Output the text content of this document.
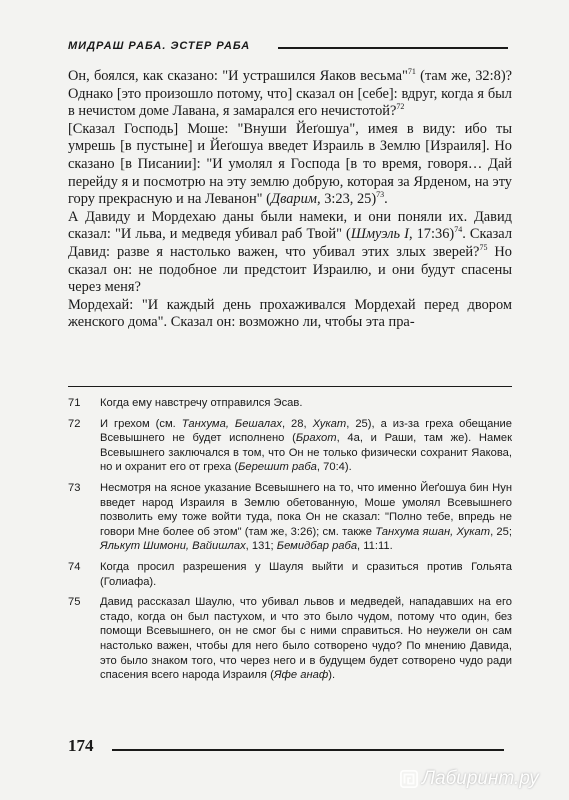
МИДРАШ РАБА. ЭСТЕР РАБА

Он, боялся, как сказано: "И устрашился Яаков весьма"$^{71}$ (там же, 32:8)? Однако [это произошло потому, что] сказал он [себе]: вдруг, когда я был в нечистом доме Лавана, я замарался его нечистотой?$^{72}$

[Сказал Господь] Моше: "Внуши Йеґошуа", имея в виду: ибо ты умрешь [в пустыне] и Йеґошуа введет Израиль в Землю [Израиля]. Но сказано [в Писании]: "И умолял я Господа [в то время, говоря… Дай перейду я и посмотрю на эту землю добрую, которая за Ярденом, на эту гору прекрасную и на Леванон" (Дварим, 3:23, 25)$^{73}$.

А Давиду и Мордехаю даны были намеки, и они поняли их. Давид сказал: "И льва, и медведя убивал раб Твой" (Шмуэль I, 17:36)$^{74}$. Сказал Давид: разве я настолько важен, что убивал этих злых зверей?$^{75}$ Но сказал он: не подобное ли предстоит Израилю, и они будут спасены через меня?

Мордехай: "И каждый день прохаживался Мордехай перед двором женского дома". Сказал он: возможно ли, чтобы эта пра-

71	Когда ему навстречу отправился Эсав.
72	И грехом (см. Танхума, Бешалах, 28, Хукат, 25), а из-за греха обещание Всевышнего не будет исполнено (Брахот, 4а, и Раши, там же). Намек Всевышнего заключался в том, что Он не только физически сохранит Яакова, но и охранит его от греха (Берешит раба, 70:4).
73	Несмотря на ясное указание Всевышнего на то, что именно Йеґошуа бин Нун введет народ Израиля в Землю обетованную, Моше умолял Всевышнего позволить ему тоже войти туда, пока Он не сказал: "Полно тебе, впредь не говори Мне более об этом" (там же, 3:26); см. также Танхума яшан, Хукат, 25; Ялькут Шимони, Вайишлах, 131; Бемидбар раба, 11:11.
74	Когда просил разрешения у Шауля выйти и сразиться против Гольята (Голиафа).
75	Давид рассказал Шаулю, что убивал львов и медведей, нападавших на его стадо, когда он был пастухом, и что это было чудом, потому что один, без помощи Всевышнего, он не смог бы с ними справиться. Но неужели он сам настолько важен, чтобы для него было сотворено чудо? По мнению Давида, это было знаком того, что через него и в будущем будет сотворено чудо ради спасения всего народа Израиля (Яфе анаф).
174
Лабиринт.ру
